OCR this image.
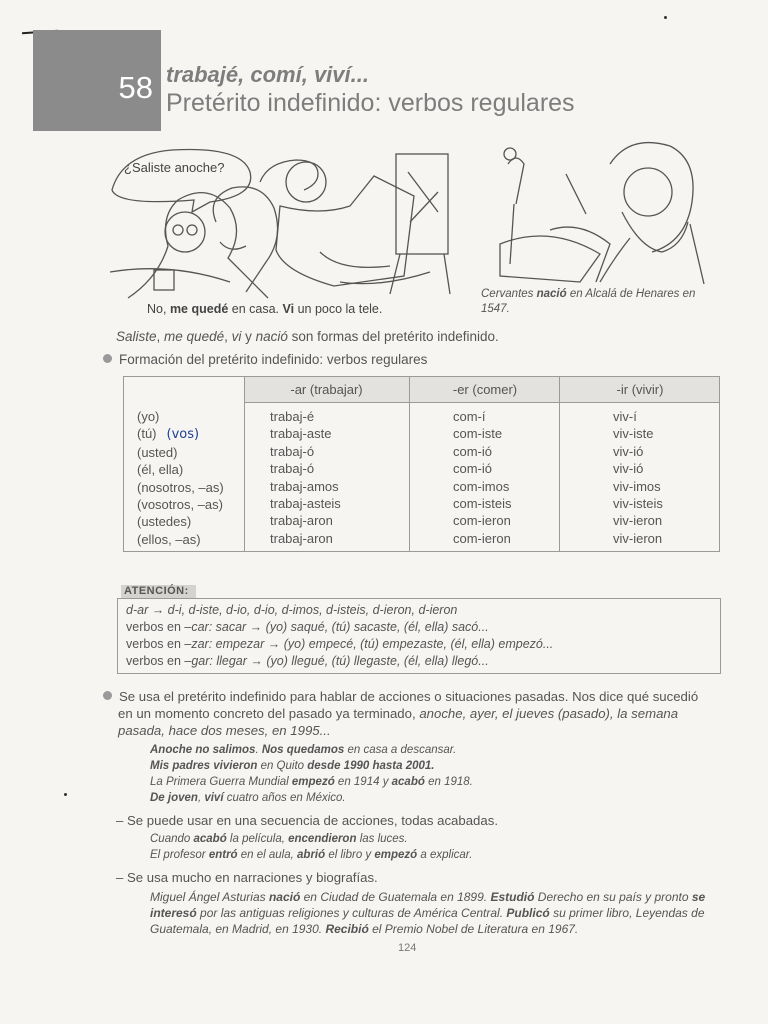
58 trabajé, comí, viví...
Pretérito indefinido: verbos regulares
¿Saliste anoche?
No, me quedé en casa. Vi un poco la tele.
Cervantes nació en Alcalá de Henares en 1547.
Saliste, me quedé, vi y nació son formas del pretérito indefinido.
Formación del pretérito indefinido: verbos regulares
-ar (trabajar)	-er (comer)	-ir (vivir)
(yo)
(tú) (vos)
(usted)
(él, ella)
(nosotros, –as)
(vosotros, –as)
(ustedes)
(ellos, –as)
trabaj-é
trabaj-aste
trabaj-ó
trabaj-ó
trabaj-amos
trabaj-asteis
trabaj-aron
trabaj-aron
com-í
com-iste
com-ió
com-ió
com-imos
com-isteis
com-ieron
com-ieron
viv-í
viv-iste
viv-ió
viv-ió
viv-imos
viv-isteis
viv-ieron
viv-ieron
ATENCIÓN:
d-ar → d-i, d-iste, d-io, d-io, d-imos, d-isteis, d-ieron, d-ieron
verbos en –car: sacar → (yo) saqué, (tú) sacaste, (él, ella) sacó...
verbos en –zar: empezar → (yo) empecé, (tú) empezaste, (él, ella) empezó...
verbos en –gar: llegar → (yo) llegué, (tú) llegaste, (él, ella) llegó...
Se usa el pretérito indefinido para hablar de acciones o situaciones pasadas. Nos dice qué sucedió en un momento concreto del pasado ya terminado, anoche, ayer, el jueves (pasado), la semana pasada, hace dos meses, en 1995...
Anoche no salimos. Nos quedamos en casa a descansar.
Mis padres vivieron en Quito desde 1990 hasta 2001.
La Primera Guerra Mundial empezó en 1914 y acabó en 1918.
De joven, viví cuatro años en México.
– Se puede usar en una secuencia de acciones, todas acabadas.
Cuando acabó la película, encendieron las luces.
El profesor entró en el aula, abrió el libro y empezó a explicar.
– Se usa mucho en narraciones y biografías.
Miguel Ángel Asturias nació en Ciudad de Guatemala en 1899. Estudió Derecho en su país y pronto se interesó por las antiguas religiones y culturas de América Central. Publicó su primer libro, Leyendas de Guatemala, en Madrid, en 1930. Recibió el Premio Nobel de Literatura en 1967.
124
